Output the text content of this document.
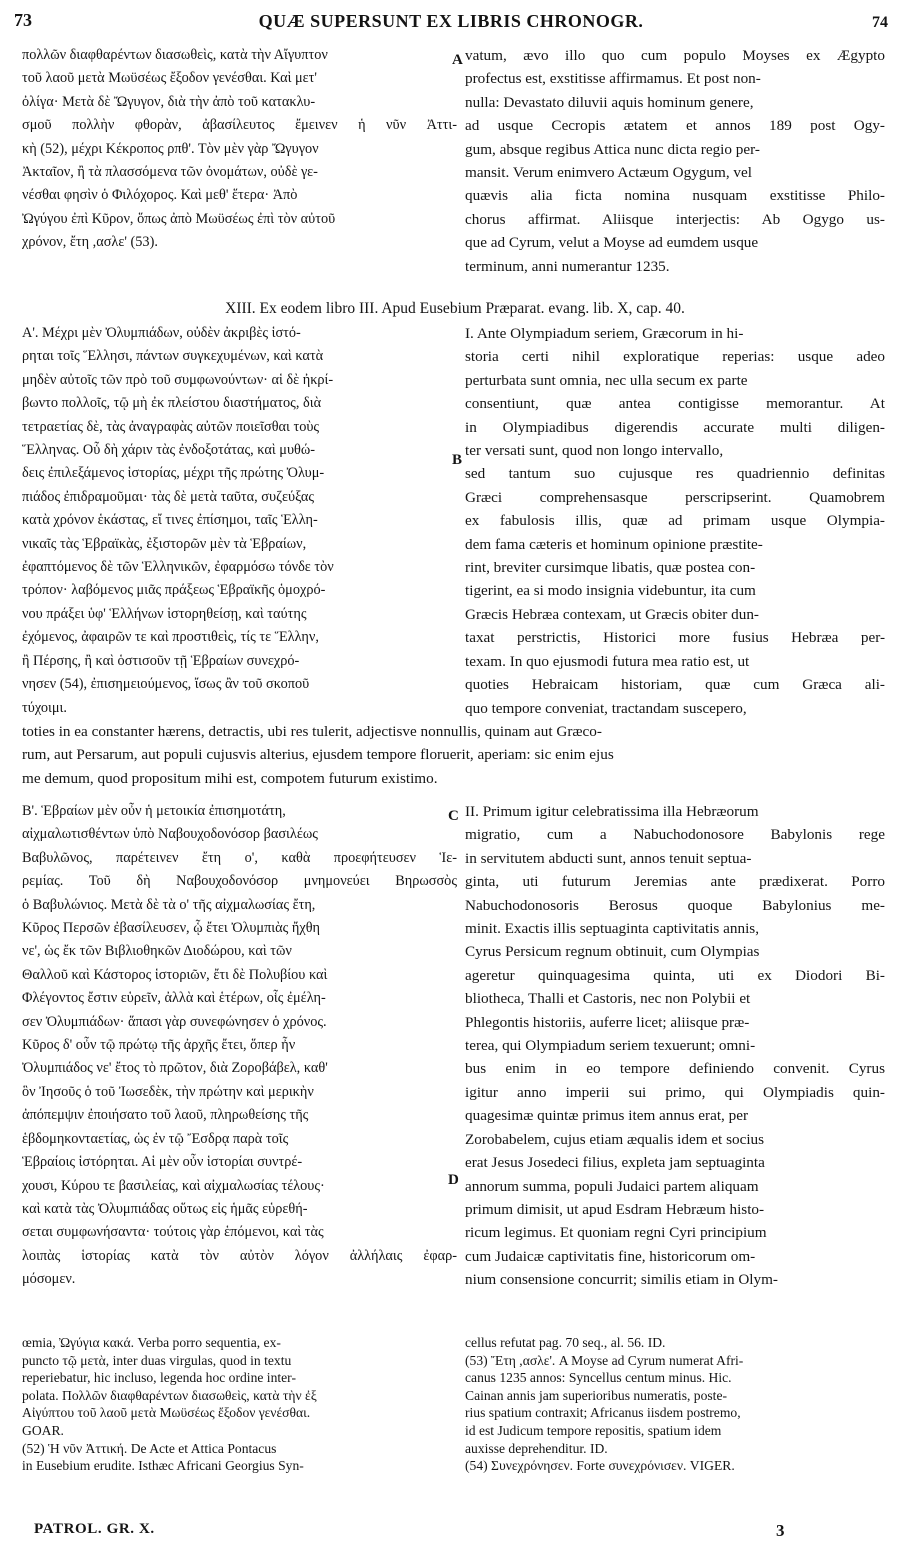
73	QUÆ SUPERSUNT EX LIBRIS CHRONOGR.	74
πολλῶν διαφθαρέντων διασωθεὶς, κατὰ τὴν Αἴγυπτον
τοῦ λαοῦ μετὰ Μωϋσέως ἔξοδον γενέσθαι. Καὶ μετ'
ὀλίγα· Μετὰ δὲ Ὤγυγον, διὰ τὴν ἀπὸ τοῦ κατακλυ-
σμοῦ πολλὴν φθορὰν, ἀβασίλευτος ἔμεινεν ἡ νῦν Ἀττι-
κὴ (52), μέχρι Κέκροπος ρπθ'. Τὸν μὲν γὰρ Ὤγυγον
Ἀκταῖον, ἢ τὰ πλασσόμενα τῶν ὀνομάτων, οὐδὲ γε-
νέσθαι φησὶν ὁ Φιλόχορος. Καὶ μεθ' ἕτερα· Ἀπὸ
Ὠγύγου ἐπὶ Κῦρον, ὅπως ἀπὸ Μωϋσέως ἐπὶ τὸν αὐτοῦ
χρόνον, ἔτη ,ασλε' (53).
vatum, ævo illo quo cum populo Moyses ex Ægypto
profectus est, exstitisse affirmamus. Et post non-
nulla: Devastato diluvii aquis hominum genere,
ad usque Cecropis ætatem et annos 189 post Ogy-
gum, absque regibus Attica nunc dicta regio per-
mansit. Verum enimvero Actæum Ogygum, vel
quævis alia ficta nomina nusquam exstitisse Philo-
chorus affirmat. Aliisque interjectis: Ab Ogygo us-
que ad Cyrum, velut a Moyse ad eumdem usque
terminum, anni numerantur 1235.
XIII. Ex eodem libro III. Apud Eusebium Præparat. evang. lib. X, cap. 40.
Α'. Μέχρι μὲν Ὀλυμπιάδων, οὐδὲν ἀκριβὲς ἱστό-
ρηται τοῖς Ἕλλησι, πάντων συγκεχυμένων, καὶ κατὰ
μηδὲν αὐτοῖς τῶν πρὸ τοῦ συμφωνούντων· αἱ δὲ ἠκρί-
βωντο πολλοῖς, τῷ μὴ ἐκ πλείστου διαστήματος, διὰ
τετραετίας δὲ, τὰς ἀναγραφὰς αὐτῶν ποιεῖσθαι τοὺς
Ἕλληνας. Οὗ δὴ χάριν τὰς ἐνδοξοτάτας, καὶ μυθώ-
δεις ἐπιλεξάμενος ἱστορίας, μέχρι τῆς πρώτης Ὀλυμ-
πιάδος ἐπιδραμοῦμαι· τὰς δὲ μετὰ ταῦτα, συζεύξας
κατὰ χρόνον ἑκάστας, εἴ τινες ἐπίσημοι, ταῖς Ἑλλη-
νικαῖς τὰς Ἑβραϊκὰς, ἐξιστορῶν μὲν τὰ Ἑβραίων,
ἐφαπτόμενος δὲ τῶν Ἑλληνικῶν, ἐφαρμόσω τόνδε τὸν
τρόπον· λαβόμενος μιᾶς πράξεως Ἑβραϊκῆς ὁμοχρό-
νου πράξει ὑφ' Ἑλλήνων ἱστορηθείσῃ, καὶ ταύτης
ἐχόμενος, ἀφαιρῶν τε καὶ προστιθεὶς, τίς τε Ἕλλην,
ἢ Πέρσης, ἢ καὶ ὁστισοῦν τῇ Ἑβραίων συνεχρό-
νησεν (54), ἐπισημειούμενος, ἴσως ἂν τοῦ σκοποῦ
τύχοιμι.
I. Ante Olympiadum seriem, Græcorum in hi-
storia certi nihil exploratique reperias: usque adeo
perturbata sunt omnia, nec ulla secum ex parte
consentiunt, quæ antea contigisse memorantur. At
in Olympiadibus digerendis accurate multi diligen-
ter versati sunt, quod non longo intervallo,
sed tantum suo cujusque res quadriennio definitas
Græci comprehensasque perscripserint. Quamobrem
ex fabulosis illis, quæ ad primam usque Olympia-
dem fama cæteris et hominum opinione præstite-
rint, breviter cursimque libatis, quæ postea con-
tigerint, ea si modo insignia videbuntur, ita cum
Græcis Hebræa contexam, ut Græcis obiter dun-
taxat perstrictis, Historici more fusius Hebræa per-
texam. In quo ejusmodi futura mea ratio est, ut
quoties Hebraicam historiam, quæ cum Græca ali-
quo tempore conveniat, tractandam suscepero,
toties in ea constanter hærens, detractis, ubi res tulerit, adjectisve nonnullis, quinam aut Græco-
rum, aut Persarum, aut populi cujusvis alterius, ejusdem tempore floruerit, aperiam: sic enim ejus
me demum, quod propositum mihi est, compotem futurum existimo.
Β'. Ἑβραίων μὲν οὖν ἡ μετοικία ἐπισημοτάτη,
αἰχμαλωτισθέντων ὑπὸ Ναβουχοδονόσορ βασιλέως
Βαβυλῶνος, παρέτεινεν ἔτη ο', καθὰ προεφήτευσεν Ἱε-
ρεμίας. Τοῦ δὴ Ναβουχοδονόσορ μνημονεύει Βηρωσσὸς
ὁ Βαβυλώνιος. Μετὰ δὲ τὰ ο' τῆς αἰχμαλωσίας ἔτη,
Κῦρος Περσῶν ἐβασίλευσεν, ᾧ ἔτει Ὀλυμπιὰς ἤχθη
νε', ὡς ἔκ τῶν Βιβλιοθηκῶν Διοδώρου, καὶ τῶν
Θαλλοῦ καὶ Κάστορος ἱστοριῶν, ἔτι δὲ Πολυβίου καὶ
Φλέγοντος ἔστιν εὑρεῖν, ἀλλὰ καὶ ἑτέρων, οἷς ἐμέλη-
σεν Ὀλυμπιάδων· ἅπασι γὰρ συνεφώνησεν ὁ χρόνος.
Κῦρος δ' οὖν τῷ πρώτῳ τῆς ἀρχῆς ἔτει, ὅπερ ἦν
Ὀλυμπιάδος νε' ἔτος τὸ πρῶτον, διὰ Ζοροβάβελ, καθ'
ὃν Ἰησοῦς ὁ τοῦ Ἰωσεδὲκ, τὴν πρώτην καὶ μερικὴν
ἀπόπεμψιν ἐποιήσατο τοῦ λαοῦ, πληρωθείσης τῆς
ἑβδομηκονταετίας, ὡς ἐν τῷ Ἔσδρᾳ παρὰ τοῖς
Ἑβραίοις ἱστόρηται. Αἱ μὲν οὖν ἱστορίαι συντρέ-
χουσι, Κύρου τε βασιλείας, καὶ αἰχμαλωσίας τέλους·
καὶ κατὰ τὰς Ὀλυμπιάδας οὕτως εἰς ἡμᾶς εὑρεθή-
σεται συμφωνήσαντα· τούτοις γὰρ ἑπόμενοι, καὶ τὰς
λοιπὰς ἱστορίας κατὰ τὸν αὐτὸν λόγον ἀλλήλαις ἐφαρ-
μόσομεν.
II. Primum igitur celebratissima illa Hebræorum
migratio, cum a Nabuchodonosore Babylonis rege
in servitutem abducti sunt, annos tenuit septua-
ginta, uti futurum Jeremias ante prædixerat. Porro
Nabuchodonosoris Berosus quoque Babylonius me-
minit. Exactis illis septuaginta captivitatis annis,
Cyrus Persicum regnum obtinuit, cum Olympias
ageretur quinquagesima quinta, uti ex Diodori Bi-
bliotheca, Thalli et Castoris, nec non Polybii et
Phlegontis historiis, auferre licet; aliisque præ-
terea, qui Olympiadum seriem texuerunt; omni-
bus enim in eo tempore definiendo convenit. Cyrus
igitur anno imperii sui primo, qui Olympiadis quin-
quagesimæ quintæ primus item annus erat, per
Zorobabelem, cujus etiam æqualis idem et socius
erat Jesus Josedeci filius, expleta jam septuaginta
annorum summa, populi Judaici partem aliquam
primum dimisit, ut apud Esdram Hebræum histo-
ricum legimus. Et quoniam regni Cyri principium
cum Judaicæ captivitatis fine, historicorum om-
nium consensione concurrit; similis etiam in Olym-
œmia, Ὠγύγια κακά. Verba porro sequentia, ex-
puncto τῷ μετὰ, inter duas virgulas, quod in textu
reperiebatur, hic incluso, legenda hoc ordine inter-
polata. Πολλῶν διαφθαρέντων διασωθεὶς, κατὰ τὴν ἐξ
Αἰγύπτου τοῦ λαοῦ μετὰ Μωϋσέως ἔξοδον γενέσθαι.
GOAR.
(52) Ἡ νῦν Ἀττική. De Acte et Attica Pontacus
in Eusebium erudite. Isthæc Africani Georgius Syn-
cellus refutat pag. 70 seq., al. 56. ID.
(53) Ἔτη ,ασλε'. A Moyse ad Cyrum numerat Afri-
canus 1235 annos: Syncellus centum minus. Hic.
Cainan annis jam superioribus numeratis, poste-
rius spatium contraxit; Africanus iisdem postremo,
id est Judicum tempore repositis, spatium idem
auxisse deprehenditur. ID.
(54) Συνεχρόνησεν. Forte συνεχρόνισεν. VIGER.
A
B
C
D
PATROL. GR. X.	3
